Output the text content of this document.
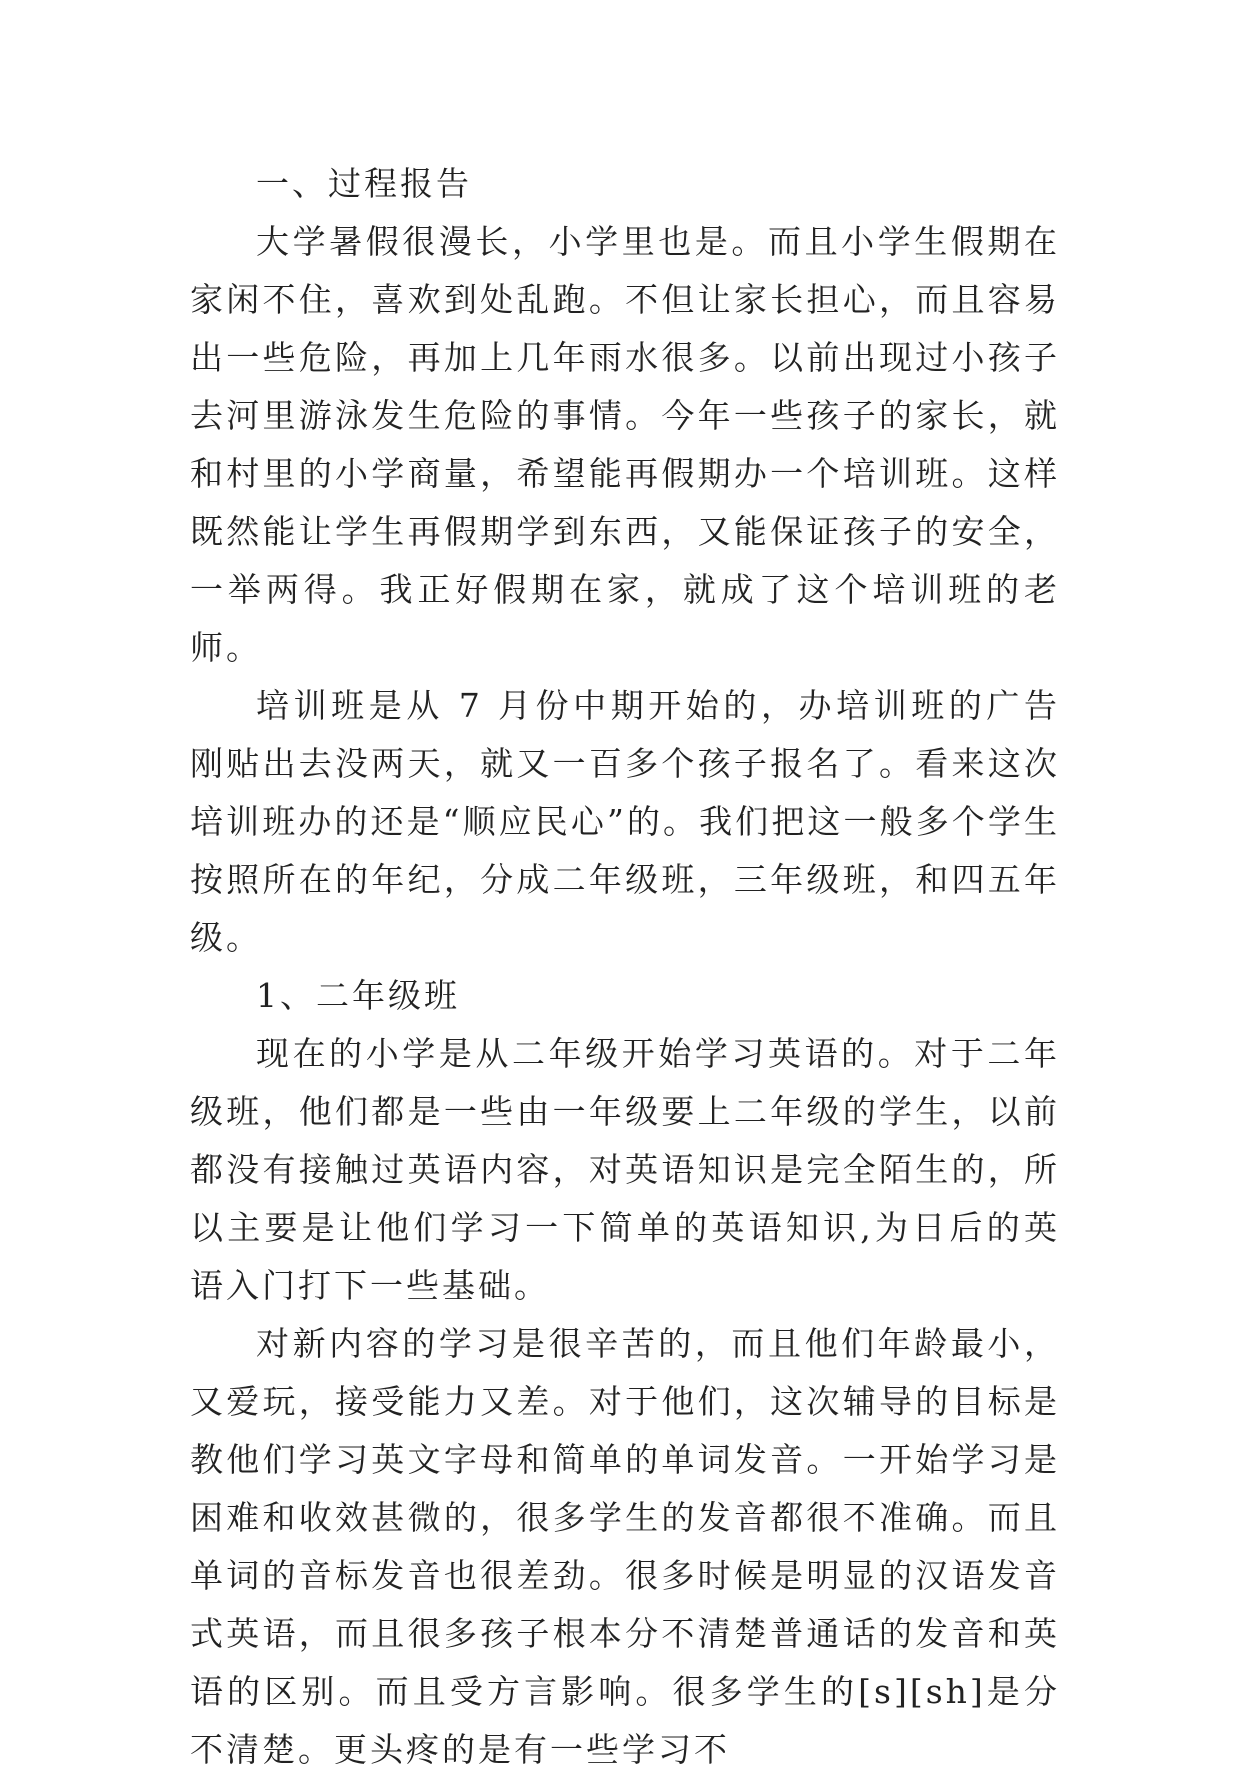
一、过程报告

大学暑假很漫长，小学里也是。而且小学生假期在家闲不住，喜欢到处乱跑。不但让家长担心，而且容易出一些危险，再加上几年雨水很多。以前出现过小孩子去河里游泳发生危险的事情。今年一些孩子的家长，就和村里的小学商量，希望能再假期办一个培训班。这样既然能让学生再假期学到东西，又能保证孩子的安全，一举两得。我正好假期在家，就成了这个培训班的老师。

培训班是从 7 月份中期开始的，办培训班的广告刚贴出去没两天，就又一百多个孩子报名了。看来这次培训班办的还是“顺应民心”的。我们把这一般多个学生按照所在的年纪，分成二年级班，三年级班，和四五年级。

1、二年级班

现在的小学是从二年级开始学习英语的。对于二年级班，他们都是一些由一年级要上二年级的学生，以前都没有接触过英语内容，对英语知识是完全陌生的，所以主要是让他们学习一下简单的英语知识,为日后的英语入门打下一些基础。

对新内容的学习是很辛苦的，而且他们年龄最小，又爱玩，接受能力又差。对于他们，这次辅导的目标是教他们学习英文字母和简单的单词发音。一开始学习是困难和收效甚微的，很多学生的发音都很不准确。而且单词的音标发音也很差劲。很多时候是明显的汉语发音式英语，而且很多孩子根本分不清楚普通话的发音和英语的区别。而且受方言影响。很多学生的[s][sh]是分不清楚。更头疼的是有一些学习不
